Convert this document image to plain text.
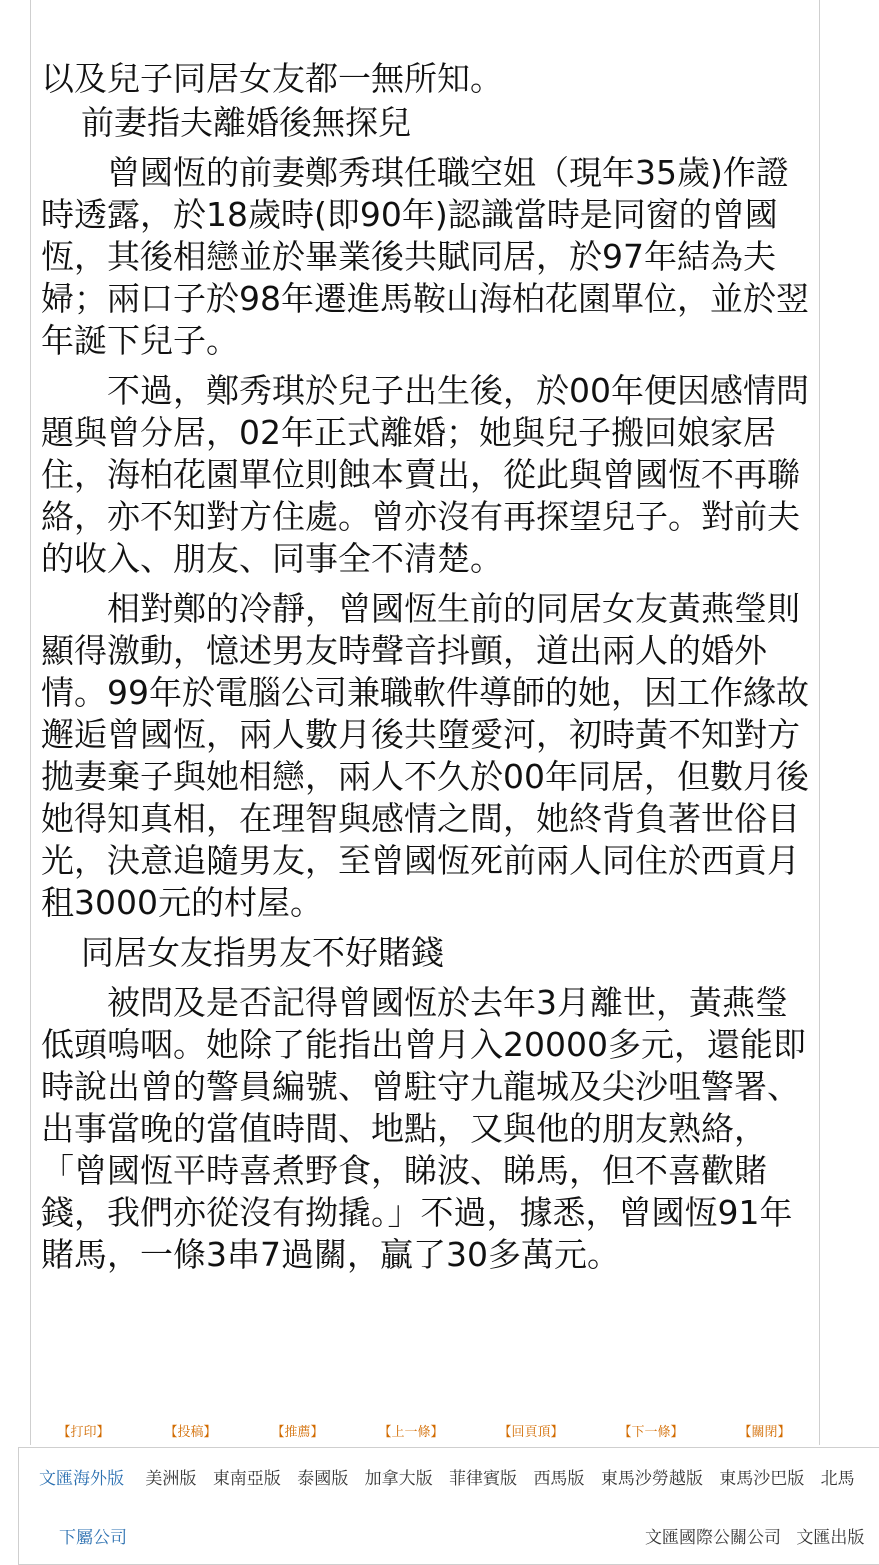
以及兒子同居女友都一無所知。

前妻指夫離婚後無探兒

曾國恆的前妻鄭秀琪任職空姐（現年35歲)作證時透露，於18歲時(即90年)認識當時是同窗的曾國恆，其後相戀並於畢業後共賦同居，於97年結為夫婦；兩口子於98年遷進馬鞍山海柏花園單位，並於翌年誕下兒子。

不過，鄭秀琪於兒子出生後，於00年便因感情問題與曾分居，02年正式離婚；她與兒子搬回娘家居住，海柏花園單位則蝕本賣出，從此與曾國恆不再聯絡，亦不知對方住處。曾亦沒有再探望兒子。對前夫的收入、朋友、同事全不清楚。

相對鄭的冷靜，曾國恆生前的同居女友黃燕瑩則顯得激動，憶述男友時聲音抖顫，道出兩人的婚外情。99年於電腦公司兼職軟件導師的她，因工作緣故邂逅曾國恆，兩人數月後共墮愛河，初時黃不知對方拋妻棄子與她相戀，兩人不久於00年同居，但數月後她得知真相，在理智與感情之間，她終背負著世俗目光，決意追隨男友，至曾國恆死前兩人同住於西貢月租3000元的村屋。

同居女友指男友不好賭錢

被問及是否記得曾國恆於去年3月離世，黃燕瑩低頭嗚咽。她除了能指出曾月入20000多元，還能即時說出曾的警員編號、曾駐守九龍城及尖沙咀警署、出事當晚的當值時間、地點，又與他的朋友熟絡，「曾國恆平時喜煮野食，睇波、睇馬，但不喜歡賭錢，我們亦從沒有拗撬。」不過，據悉，曾國恆91年賭馬，一條3串7過關，贏了30多萬元。

【打印】	【投稿】	【推薦】	【上一條】	【回頁頂】	【下一條】	【關閉】
文匯海外版 美洲版 東南亞版 泰國版 加拿大版 菲律賓版 西馬版 東馬沙勞越版 東馬沙巴版 北馬
下屬公司	文匯國際公關公司 文匯出版
